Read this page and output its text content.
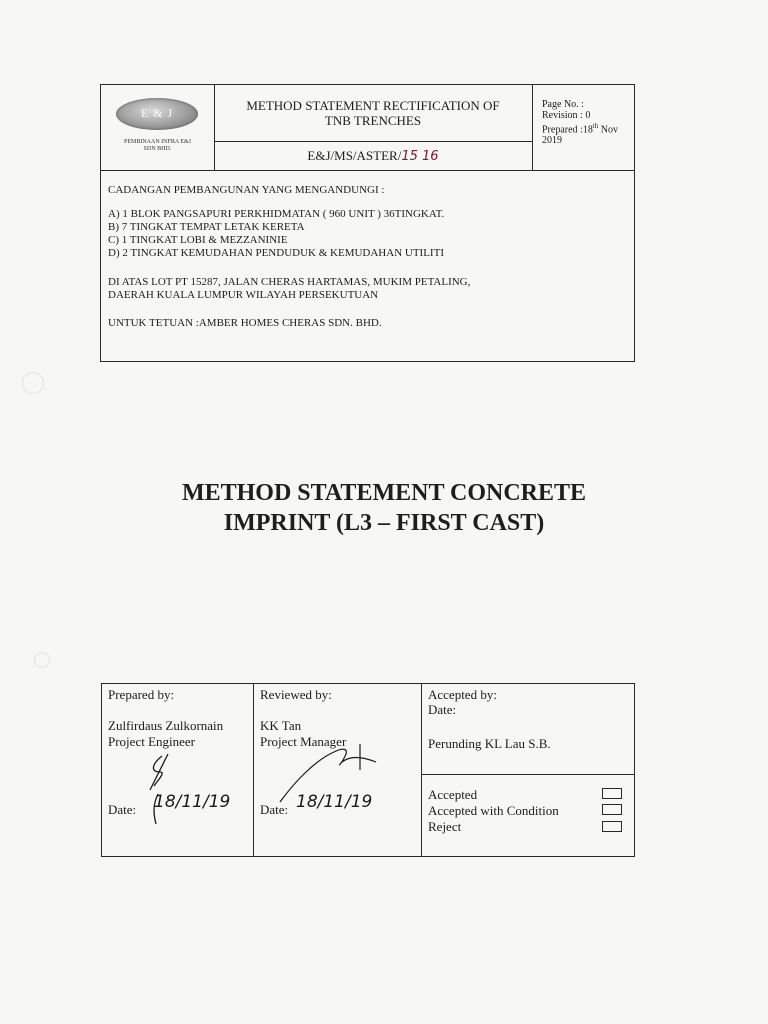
E & J
PEMBINAAN INFRA E&J
SDN BHD.
METHOD STATEMENT RECTIFICATION OF
TNB TRENCHES
E&J/MS/ASTER/15 16
Page No. :
Revision : 0
Prepared :18th Nov
2019
CADANGAN PEMBANGUNAN YANG MENGANDUNGI :
A) 1 BLOK PANGSAPURI PERKHIDMATAN ( 960 UNIT ) 36TINGKAT.
B) 7 TINGKAT TEMPAT LETAK KERETA
C) 1 TINGKAT LOBI & MEZZANINIE
D) 2 TINGKAT KEMUDAHAN PENDUDUK & KEMUDAHAN UTILITI
DI ATAS LOT PT 15287, JALAN CHERAS HARTAMAS, MUKIM PETALING,
DAERAH KUALA LUMPUR WILAYAH PERSEKUTUAN
UNTUK TETUAN :AMBER HOMES CHERAS SDN. BHD.
METHOD STATEMENT CONCRETE
IMPRINT (L3 – FIRST CAST)
Prepared by:
Zulfirdaus Zulkornain
Project Engineer
Date: 18/11/19
Reviewed by:
KK Tan
Project Manager
Date: 18/11/19
Accepted by:
Date:
Perunding KL Lau S.B.
Accepted
Accepted with Condition
Reject
